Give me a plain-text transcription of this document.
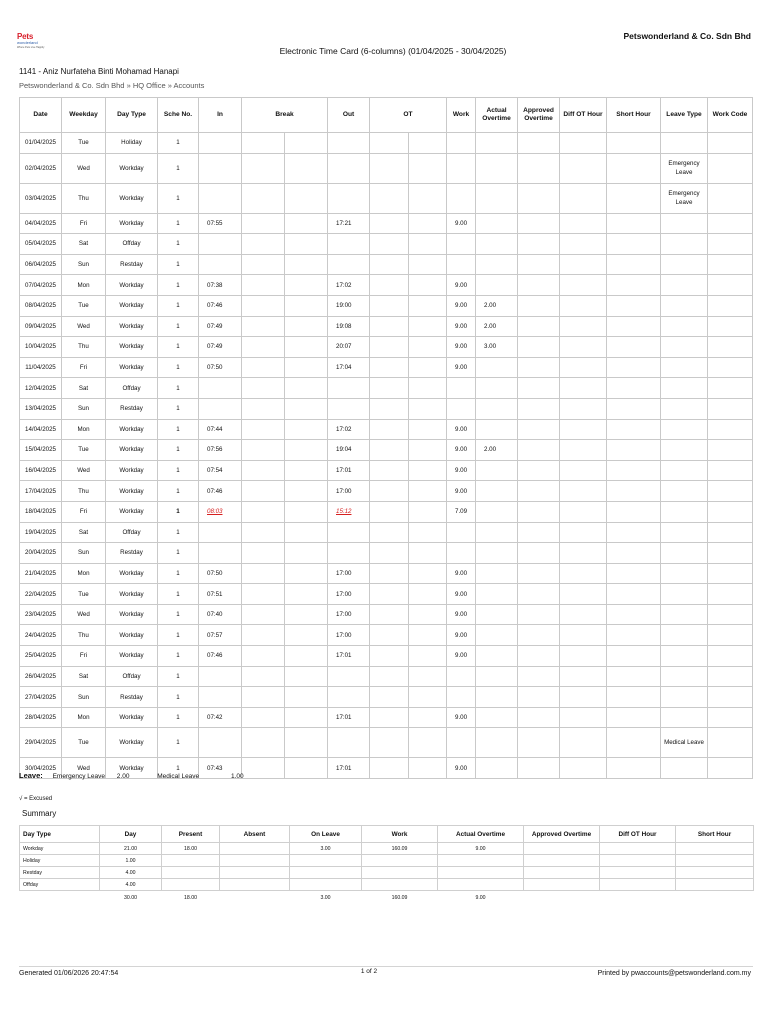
Pets
wonderland
Where Pets Live Happily
Petswonderland & Co. Sdn Bhd
Electronic Time Card (6-columns) (01/04/2025 - 30/04/2025)
1141 - Aniz Nurfateha Binti Mohamad Hanapi
Petswonderland & Co. Sdn Bhd » HQ Office » Accounts
Date	Weekday	Day Type	Sche No.	In	Break		Out	OT		Work	Actual Overtime	Approved Overtime	Diff OT Hour	Short Hour	Leave Type	Work Code
01/04/2025	Tue	Holiday	1													
02/04/2025	Wed	Workday	1												Emergency Leave	
03/04/2025	Thu	Workday	1												Emergency Leave	
04/04/2025	Fri	Workday	1	07:55			17:21			9.00						
05/04/2025	Sat	Offday	1													
06/04/2025	Sun	Restday	1													
07/04/2025	Mon	Workday	1	07:38			17:02			9.00						
08/04/2025	Tue	Workday	1	07:46			19:00			9.00	2.00					
09/04/2025	Wed	Workday	1	07:49			19:08			9.00	2.00					
10/04/2025	Thu	Workday	1	07:49			20:07			9.00	3.00					
11/04/2025	Fri	Workday	1	07:50			17:04			9.00						
12/04/2025	Sat	Offday	1													
13/04/2025	Sun	Restday	1													
14/04/2025	Mon	Workday	1	07:44			17:02			9.00						
15/04/2025	Tue	Workday	1	07:56			19:04			9.00	2.00					
16/04/2025	Wed	Workday	1	07:54			17:01			9.00						
17/04/2025	Thu	Workday	1	07:46			17:00			9.00						
18/04/2025	Fri	Workday	1	08:03			15:12			7.09						
19/04/2025	Sat	Offday	1													
20/04/2025	Sun	Restday	1													
21/04/2025	Mon	Workday	1	07:50			17:00			9.00						
22/04/2025	Tue	Workday	1	07:51			17:00			9.00						
23/04/2025	Wed	Workday	1	07:40			17:00			9.00						
24/04/2025	Thu	Workday	1	07:57			17:00			9.00						
25/04/2025	Fri	Workday	1	07:46			17:01			9.00						
26/04/2025	Sat	Offday	1													
27/04/2025	Sun	Restday	1													
28/04/2025	Mon	Workday	1	07:42			17:01			9.00						
29/04/2025	Tue	Workday	1												Medical Leave	
30/04/2025	Wed	Workday	1	07:43			17:01			9.00						
Leave: Emergency Leave 2.00	Medical Leave	1.00
√ = Excused
Summary
Day Type	Day	Present	Absent	On Leave	Work	Actual Overtime	Approved Overtime	Diff OT Hour	Short Hour
Workday	21.00	18.00		3.00	160.09	9.00			
Holiday	1.00								
Restday	4.00								
Offday	4.00								
	30.00	18.00		3.00	160.09	9.00			
Generated 01/06/2026 20:47:54	1 of 2	Printed by pwaccounts@petswonderland.com.my
